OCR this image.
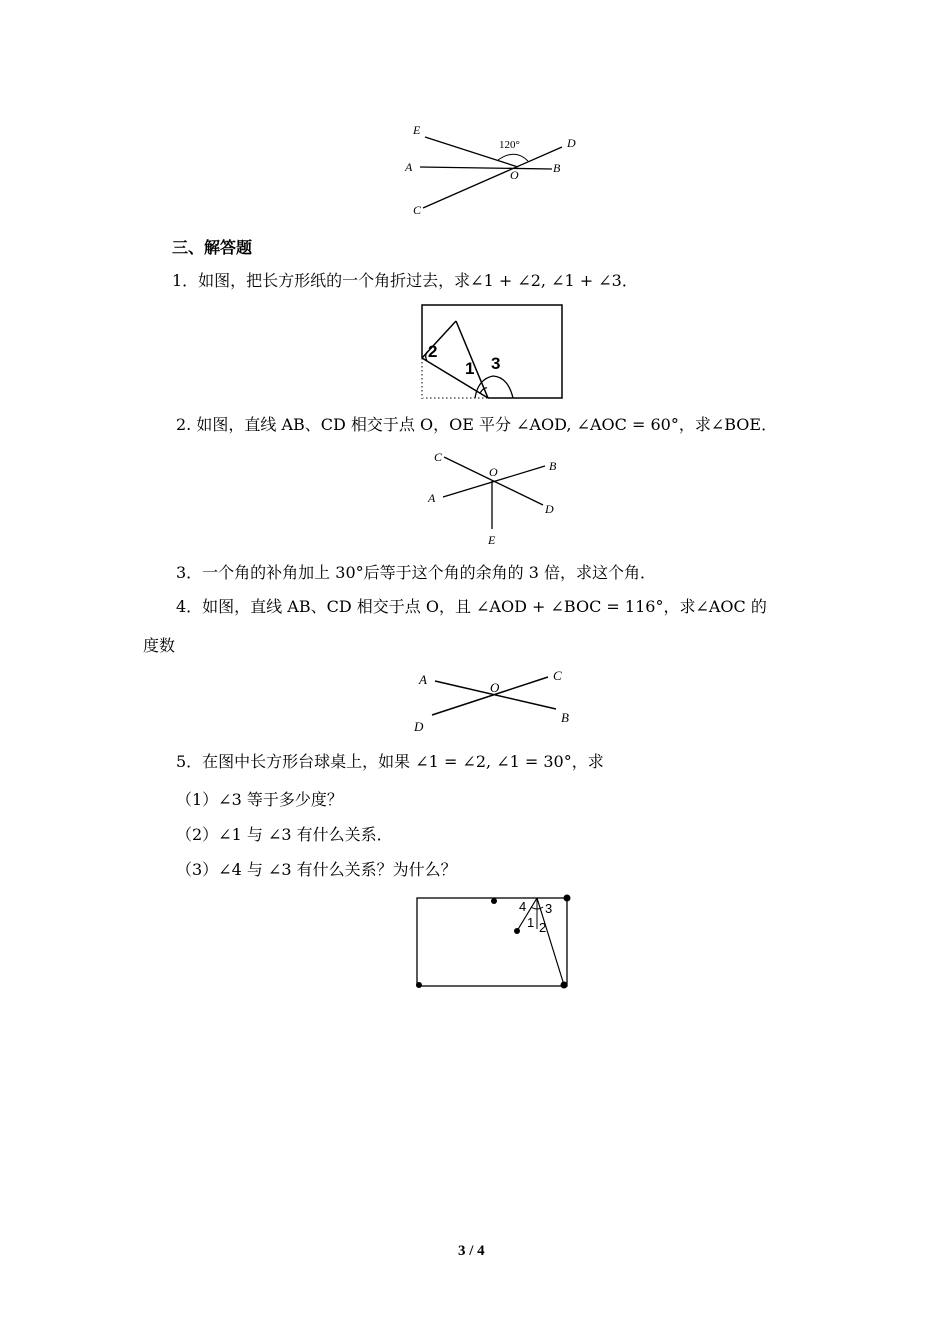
E
D
A	B
C
O
120°
三、解答题
1．如图，把长方形纸的一个角折过去，求∠1 + ∠2, ∠1 + ∠3．
2
1 3
2. 如图，直线 AB、CD 相交于点 O，OE 平分 ∠AOD, ∠AOC = 60°，求∠BOE．
C
O	B
A
D
E
3．一个角的补角加上 30°后等于这个角的余角的 3 倍，求这个角．
4．如图，直线 AB、CD 相交于点 O，且 ∠AOD + ∠BOC = 116°，求∠AOC 的
度数
A
O
C
D
B
5．在图中长方形台球桌上，如果 ∠1 = ∠2, ∠1 = 30°，求
（1）∠3 等于多少度？
（2）∠1 与 ∠3 有什么关系．
（3）∠4 与 ∠3 有什么关系？为什么？
4 3
1 2
3 / 4
